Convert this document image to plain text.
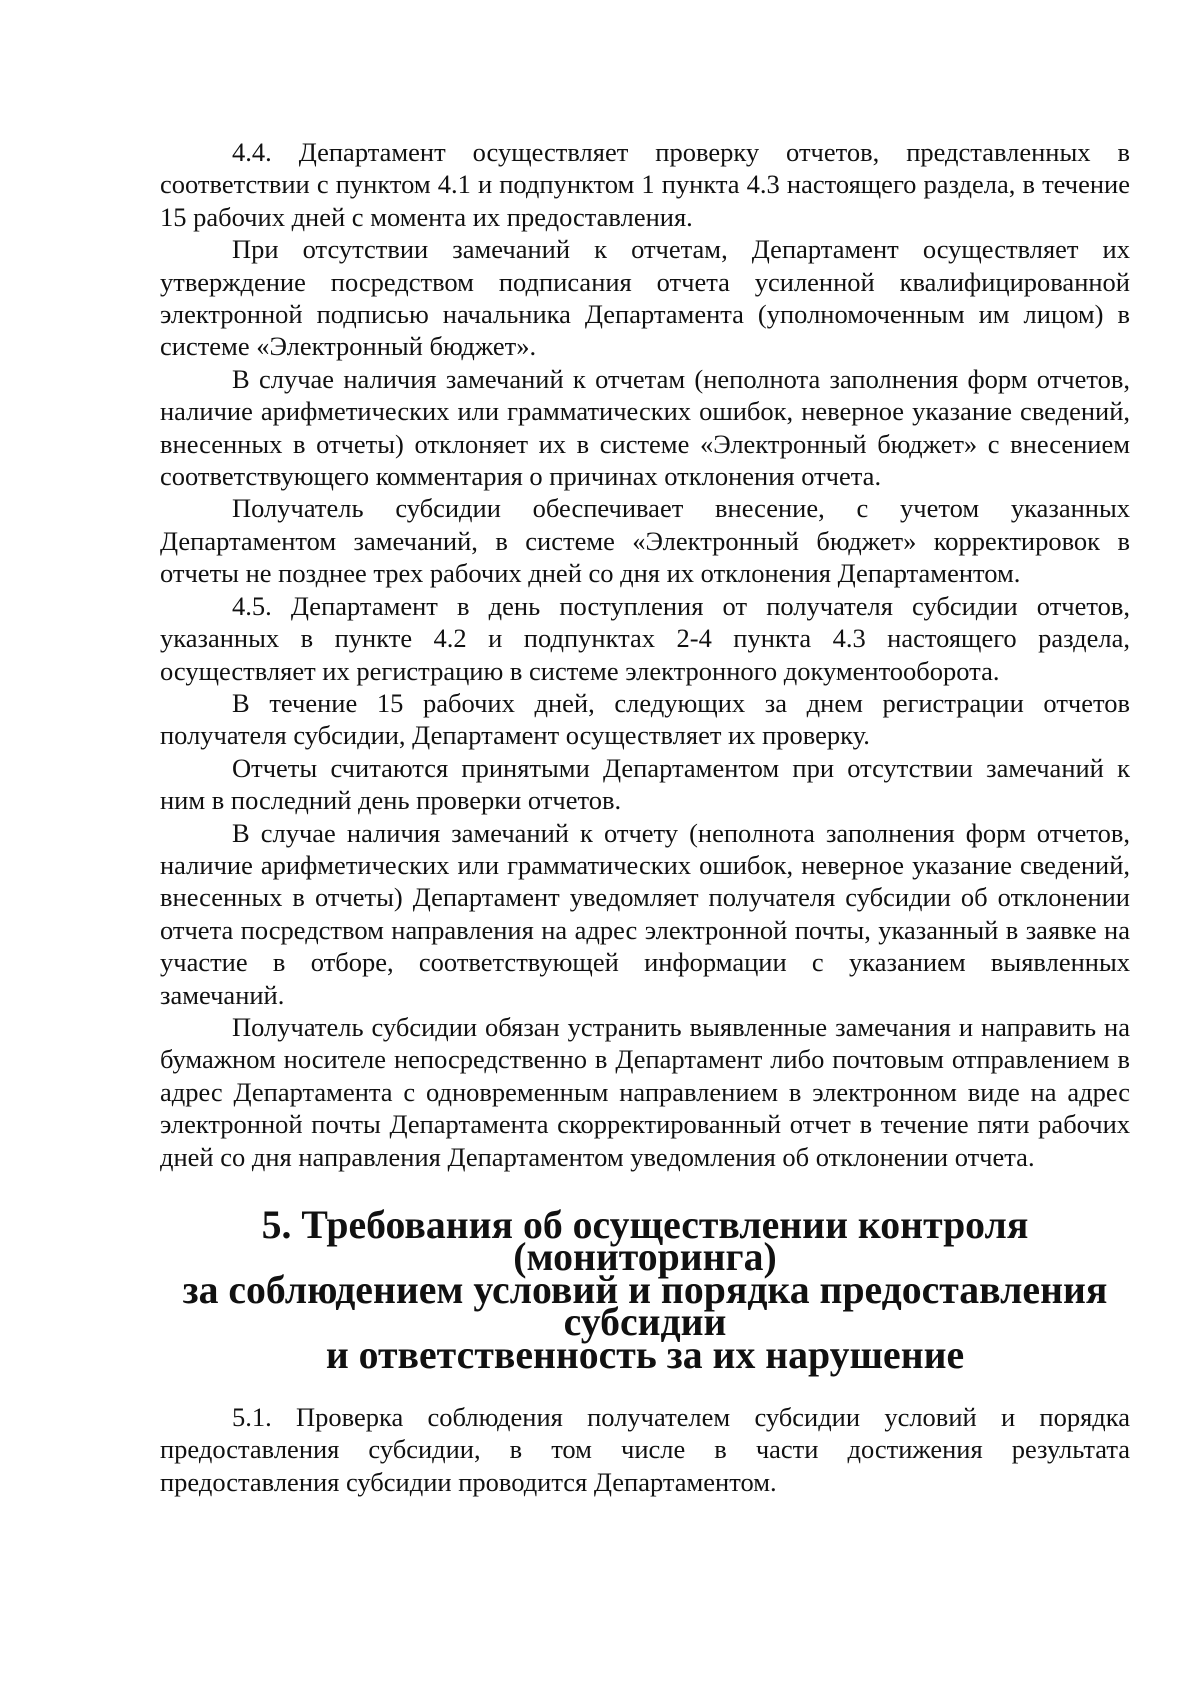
4.4. Департамент осуществляет проверку отчетов, представленных в соответствии с пунктом 4.1 и подпунктом 1 пункта 4.3 настоящего раздела, в течение 15 рабочих дней с момента их предоставления.

При отсутствии замечаний к отчетам, Департамент осуществляет их утверждение посредством подписания отчета усиленной квалифицированной электронной подписью начальника Департамента (уполномоченным им лицом) в системе «Электронный бюджет».

В случае наличия замечаний к отчетам (неполнота заполнения форм отчетов, наличие арифметических или грамматических ошибок, неверное указание сведений, внесенных в отчеты) отклоняет их в системе «Электронный бюджет» с внесением соответствующего комментария о причинах отклонения отчета.

Получатель субсидии обеспечивает внесение, с учетом указанных Департаментом замечаний, в системе «Электронный бюджет» корректировок в отчеты не позднее трех рабочих дней со дня их отклонения Департаментом.

4.5. Департамент в день поступления от получателя субсидии отчетов, указанных в пункте 4.2 и подпунктах 2-4 пункта 4.3 настоящего раздела, осуществляет их регистрацию в системе электронного документооборота.

В течение 15 рабочих дней, следующих за днем регистрации отчетов получателя субсидии, Департамент осуществляет их проверку.

Отчеты считаются принятыми Департаментом при отсутствии замечаний к ним в последний день проверки отчетов.

В случае наличия замечаний к отчету (неполнота заполнения форм отчетов, наличие арифметических или грамматических ошибок, неверное указание сведений, внесенных в отчеты) Департамент уведомляет получателя субсидии об отклонении отчета посредством направления на адрес электронной почты, указанный в заявке на участие в отборе, соответствующей информации с указанием выявленных замечаний.

Получатель субсидии обязан устранить выявленные замечания и направить на бумажном носителе непосредственно в Департамент либо почтовым отправлением в адрес Департамента с одновременным направлением в электронном виде на адрес электронной почты Департамента скорректированный отчет в течение пяти рабочих дней со дня направления Департаментом уведомления об отклонении отчета.

5. Требования об осуществлении контроля (мониторинга)
за соблюдением условий и порядка предоставления субсидии
и ответственность за их нарушение

5.1. Проверка соблюдения получателем субсидии условий и порядка предоставления субсидии, в том числе в части достижения результата предоставления субсидии проводится Департаментом.
